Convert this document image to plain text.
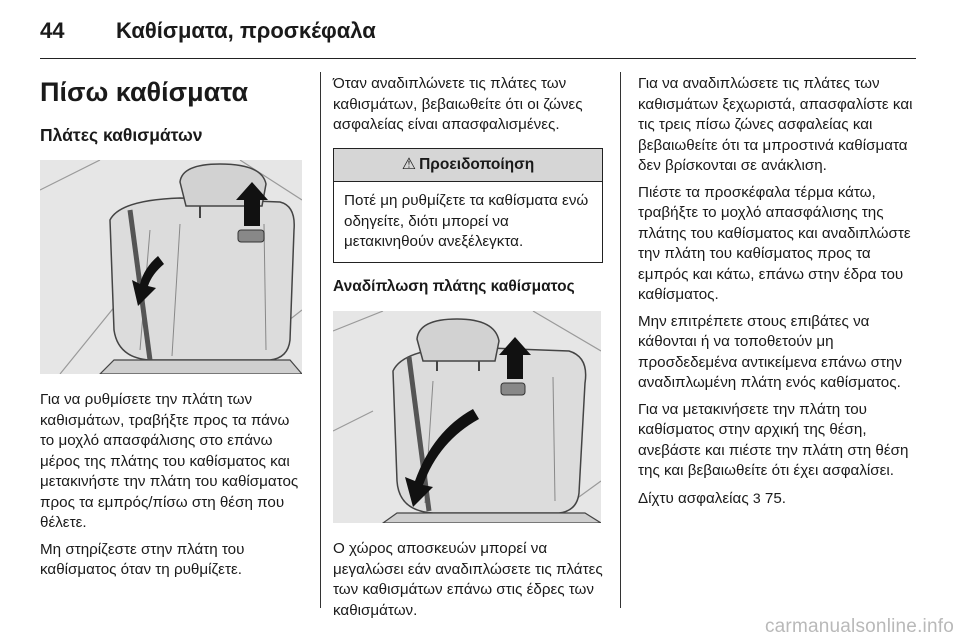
44 Καθίσματα, προσκέφαλα
Πίσω καθίσματα
Πλάτες καθισμάτων

Για να ρυθμίσετε την πλάτη των καθισμάτων, τραβήξτε προς τα πάνω το μοχλό απασφάλισης στο επάνω μέρος της πλάτης του καθίσματος και μετακινήστε την πλάτη του καθίσματος προς τα εμπρός/πίσω στη θέση που θέλετε.

Μη στηρίζεστε στην πλάτη του καθίσματος όταν τη ρυθμίζετε.

Όταν αναδιπλώνετε τις πλάτες των καθισμάτων, βεβαιωθείτε ότι οι ζώνες ασφαλείας είναι απασφαλισμένες.

⚠ Προειδοποίηση
Ποτέ μη ρυθμίζετε τα καθίσματα ενώ οδηγείτε, διότι μπορεί να μετακινηθούν ανεξέλεγκτα.
Αναδίπλωση πλάτης καθίσματος

Ο χώρος αποσκευών μπορεί να μεγαλώσει εάν αναδιπλώσετε τις πλάτες των καθισμάτων επάνω στις έδρες των καθισμάτων.

Για να αναδιπλώσετε τις πλάτες των καθισμάτων ξεχωριστά, απασφαλίστε και τις τρεις πίσω ζώνες ασφαλείας και βεβαιωθείτε ότι τα μπροστινά καθίσματα δεν βρίσκονται σε ανάκλιση.

Πιέστε τα προσκέφαλα τέρμα κάτω, τραβήξτε το μοχλό απασφάλισης της πλάτης του καθίσματος και αναδιπλώστε την πλάτη του καθίσματος προς τα εμπρός και κάτω, επάνω στην έδρα του καθίσματος.

Μην επιτρέπετε στους επιβάτες να κάθονται ή να τοποθετούν μη προσδεδεμένα αντικείμενα επάνω στην αναδιπλωμένη πλάτη ενός καθίσματος.

Για να μετακινήσετε την πλάτη του καθίσματος στην αρχική της θέση, ανεβάστε και πιέστε την πλάτη στη θέση της και βεβαιωθείτε ότι έχει ασφαλίσει.

Δίχτυ ασφαλείας 3 75.

carmanualsonline.info
